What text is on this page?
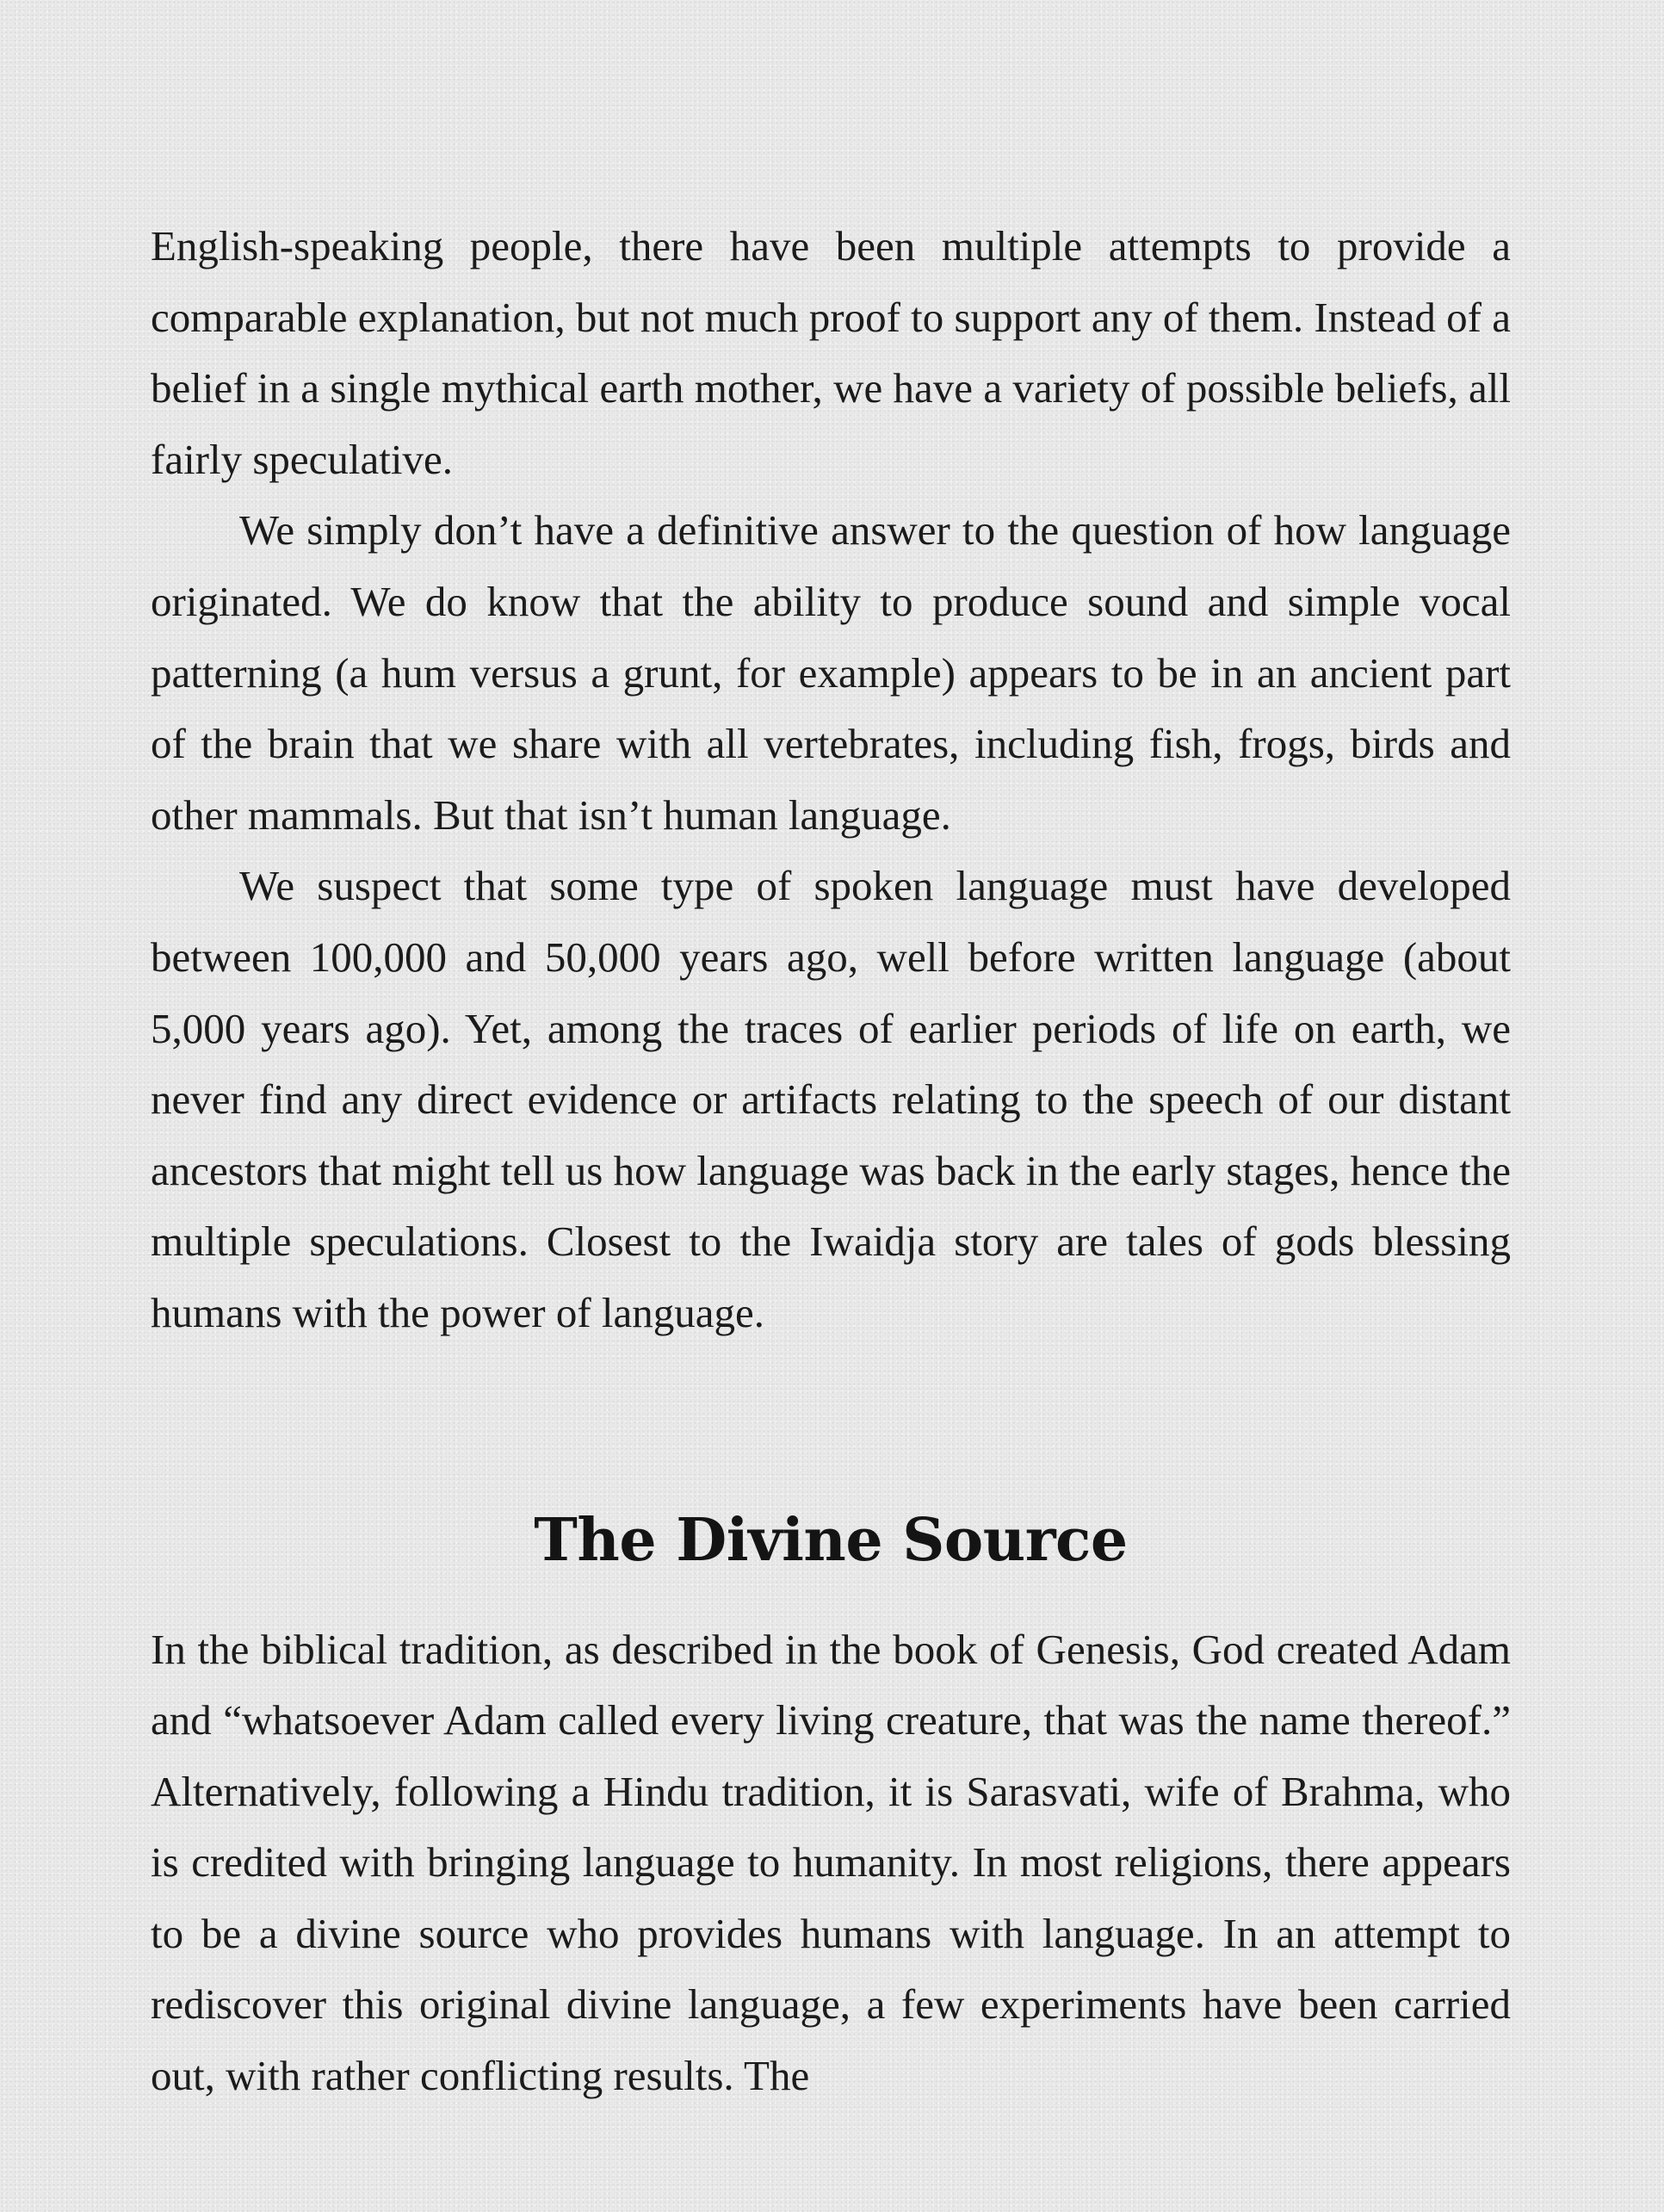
English-speaking people, there have been multiple attempts to provide a comparable explanation, but not much proof to support any of them. Instead of a belief in a single mythical earth mother, we have a variety of possible beliefs, all fairly speculative.

We simply don’t have a definitive answer to the question of how language originated. We do know that the ability to produce sound and simple vocal patterning (a hum versus a grunt, for example) appears to be in an ancient part of the brain that we share with all vertebrates, including fish, frogs, birds and other mammals. But that isn’t human language.

We suspect that some type of spoken language must have developed between 100,000 and 50,000 years ago, well before written language (about 5,000 years ago). Yet, among the traces of earlier periods of life on earth, we never find any direct evidence or artifacts relating to the speech of our distant ancestors that might tell us how language was back in the early stages, hence the multiple speculations. Closest to the Iwaidja story are tales of gods blessing humans with the power of language.

The Divine Source

In the biblical tradition, as described in the book of Genesis, God created Adam and “whatsoever Adam called every living creature, that was the name thereof.” Alternatively, following a Hindu tradition, it is Sarasvati, wife of Brahma, who is credited with bringing language to humanity. In most religions, there appears to be a divine source who provides humans with language. In an attempt to rediscover this original divine language, a few experiments have been carried out, with rather conflicting results. The
